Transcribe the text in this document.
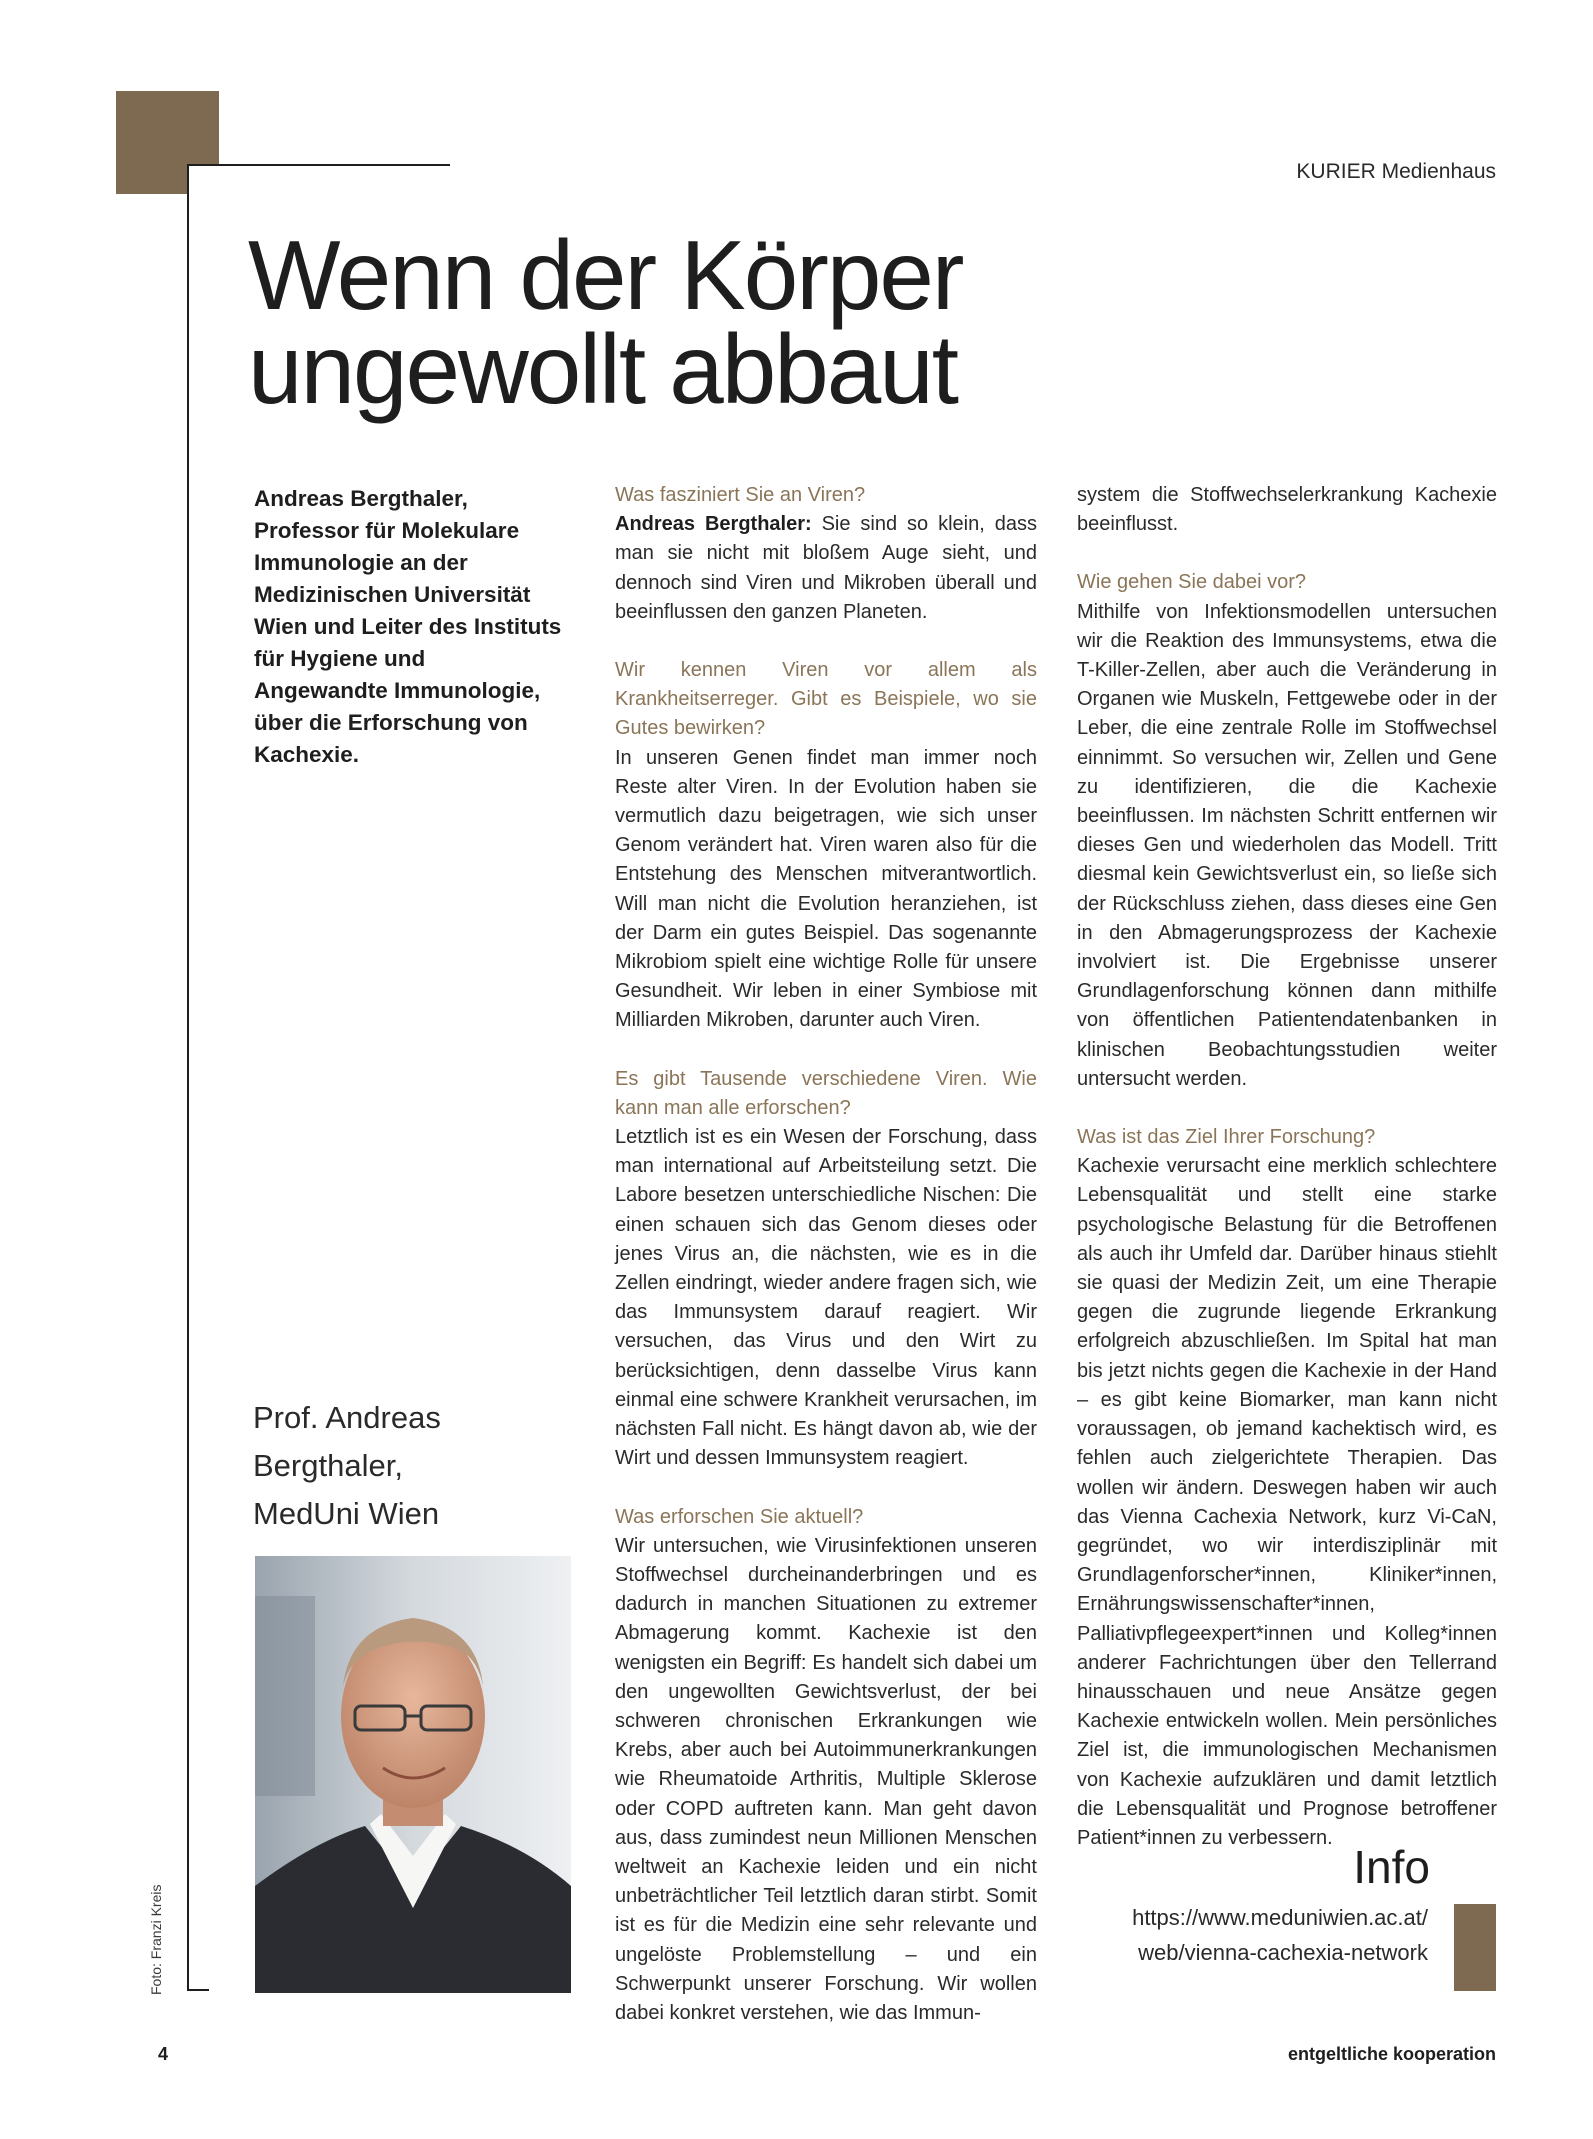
KURIER Medienhaus
Wenn der Körper
ungewollt abbaut
Andreas Bergthaler,
Professor für Molekulare
Immunologie an der
Medizinischen Universität
Wien und Leiter des Instituts
für Hygiene und
Angewandte Immunologie,
über die Erforschung von
Kachexie.
Prof. Andreas
Bergthaler,
MedUni Wien
Foto: Franzi Kreis

Was fasziniert Sie an Viren?
Andreas Bergthaler: Sie sind so klein, dass man sie nicht mit bloßem Auge sieht, und dennoch sind Viren und Mikroben überall und beeinflussen den ganzen Planeten.

Wir kennen Viren vor allem als Krankheitserreger. Gibt es Beispiele, wo sie Gutes bewirken?
In unseren Genen findet man immer noch Reste alter Viren. In der Evolution haben sie vermutlich dazu beigetragen, wie sich unser Genom verändert hat. Viren waren also für die Entstehung des Menschen mitverantwortlich. Will man nicht die Evolution heranziehen, ist der Darm ein gutes Beispiel. Das sogenannte Mikrobiom spielt eine wichtige Rolle für unsere Gesundheit. Wir leben in einer Symbiose mit Milliarden Mikroben, darunter auch Viren.

Es gibt Tausende verschiedene Viren. Wie kann man alle erforschen?
Letztlich ist es ein Wesen der Forschung, dass man international auf Arbeitsteilung setzt. Die Labore besetzen unterschiedliche Nischen: Die einen schauen sich das Genom dieses oder jenes Virus an, die nächsten, wie es in die Zellen eindringt, wieder andere fragen sich, wie das Immunsystem darauf reagiert. Wir versuchen, das Virus und den Wirt zu berücksichtigen, denn dasselbe Virus kann einmal eine schwere Krankheit verursachen, im nächsten Fall nicht. Es hängt davon ab, wie der Wirt und dessen Immunsystem reagiert.

Was erforschen Sie aktuell?
Wir untersuchen, wie Virusinfektionen unseren Stoffwechsel durcheinanderbringen und es dadurch in manchen Situationen zu extremer Abmagerung kommt. Kachexie ist den wenigsten ein Begriff: Es handelt sich dabei um den ungewollten Gewichtsverlust, der bei schweren chronischen Erkrankungen wie Krebs, aber auch bei Autoimmunerkrankungen wie Rheumatoide Arthritis, Multiple Sklerose oder COPD auftreten kann. Man geht davon aus, dass zumindest neun Millionen Menschen weltweit an Kachexie leiden und ein nicht unbeträchtlicher Teil letztlich daran stirbt. Somit ist es für die Medizin eine sehr relevante und ungelöste Problemstellung – und ein Schwerpunkt unserer Forschung. Wir wollen dabei konkret verstehen, wie das Immun-

system die Stoffwechselerkrankung Kachexie beeinflusst.

Wie gehen Sie dabei vor?
Mithilfe von Infektionsmodellen untersuchen wir die Reaktion des Immunsystems, etwa die T-Killer-Zellen, aber auch die Veränderung in Organen wie Muskeln, Fettgewebe oder in der Leber, die eine zentrale Rolle im Stoffwechsel einnimmt. So versuchen wir, Zellen und Gene zu identifizieren, die die Kachexie beeinflussen. Im nächsten Schritt entfernen wir dieses Gen und wiederholen das Modell. Tritt diesmal kein Gewichtsverlust ein, so ließe sich der Rückschluss ziehen, dass dieses eine Gen in den Abmagerungsprozess der Kachexie involviert ist. Die Ergebnisse unserer Grundlagenforschung können dann mithilfe von öffentlichen Patientendatenbanken in klinischen Beobachtungsstudien weiter untersucht werden.

Was ist das Ziel Ihrer Forschung?
Kachexie verursacht eine merklich schlechtere Lebensqualität und stellt eine starke psychologische Belastung für die Betroffenen als auch ihr Umfeld dar. Darüber hinaus stiehlt sie quasi der Medizin Zeit, um eine Therapie gegen die zugrunde liegende Erkrankung erfolgreich abzuschließen. Im Spital hat man bis jetzt nichts gegen die Kachexie in der Hand – es gibt keine Biomarker, man kann nicht voraussagen, ob jemand kachektisch wird, es fehlen auch zielgerichtete Therapien. Das wollen wir ändern. Deswegen haben wir auch das Vienna Cachexia Network, kurz Vi-CaN, gegründet, wo wir interdisziplinär mit Grundlagenforscher*innen, Kliniker*innen, Ernährungswissenschafter*innen, Palliativpflegeexpert*innen und Kolleg*innen anderer Fachrichtungen über den Tellerrand hinausschauen und neue Ansätze gegen Kachexie entwickeln wollen. Mein persönliches Ziel ist, die immunologischen Mechanismen von Kachexie aufzuklären und damit letztlich die Lebensqualität und Prognose betroffener Patient*innen zu verbessern.

Info
https://www.meduniwien.ac.at/
web/vienna-cachexia-network
4	entgeltliche kooperation
